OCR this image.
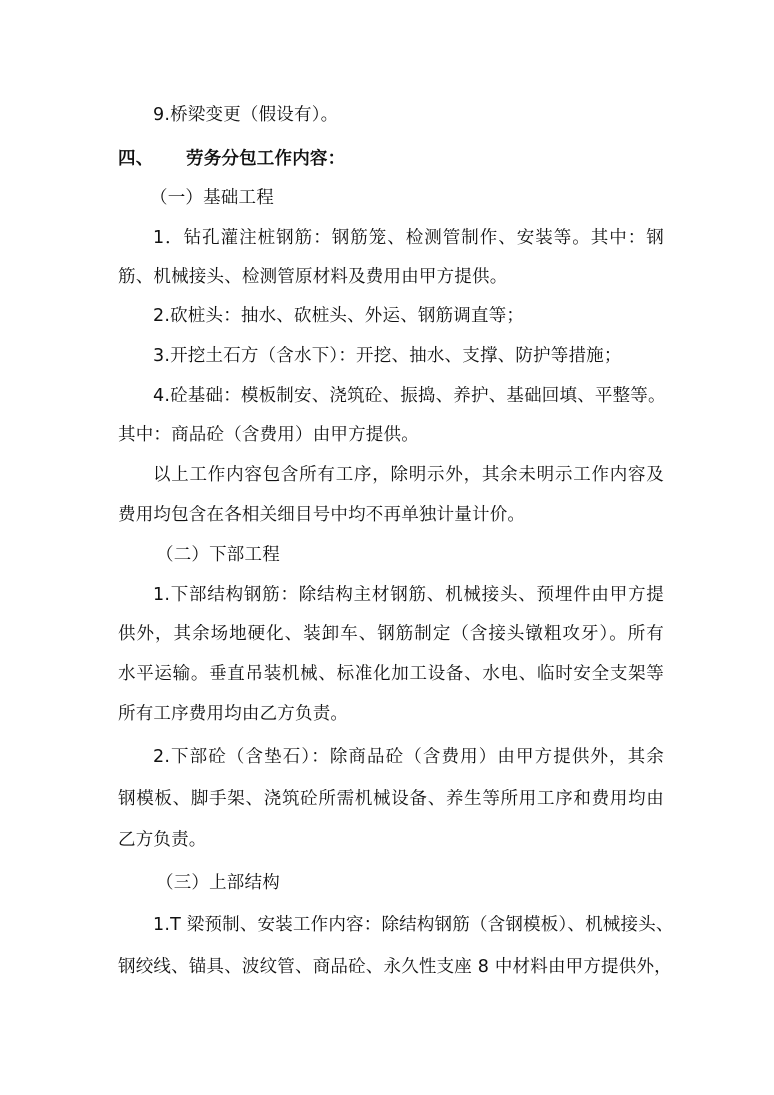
9.桥梁变更（假设有）。
四、 劳务分包工作内容：
（一）基础工程
1．钻孔灌注桩钢筋：钢筋笼、检测管制作、安装等。其中：钢
筋、机械接头、检测管原材料及费用由甲方提供。
2.砍桩头：抽水、砍桩头、外运、钢筋调直等；
3.开挖土石方（含水下）：开挖、抽水、支撑、防护等措施；
4.砼基础：模板制安、浇筑砼、振捣、养护、基础回填、平整等。
其中：商品砼（含费用）由甲方提供。
以上工作内容包含所有工序，除明示外，其余未明示工作内容及
费用均包含在各相关细目号中均不再单独计量计价。
（二）下部工程
1.下部结构钢筋：除结构主材钢筋、机械接头、预埋件由甲方提
供外，其余场地硬化、装卸车、钢筋制定（含接头镦粗攻牙）。所有
水平运输。垂直吊装机械、标准化加工设备、水电、临时安全支架等
所有工序费用均由乙方负责。
2.下部砼（含垫石）：除商品砼（含费用）由甲方提供外，其余
钢模板、脚手架、浇筑砼所需机械设备、养生等所用工序和费用均由
乙方负责。
（三）上部结构
1.T 梁预制、安装工作内容：除结构钢筋（含钢模板）、机械接头、
钢绞线、锚具、波纹管、商品砼、永久性支座 8 中材料由甲方提供外，
